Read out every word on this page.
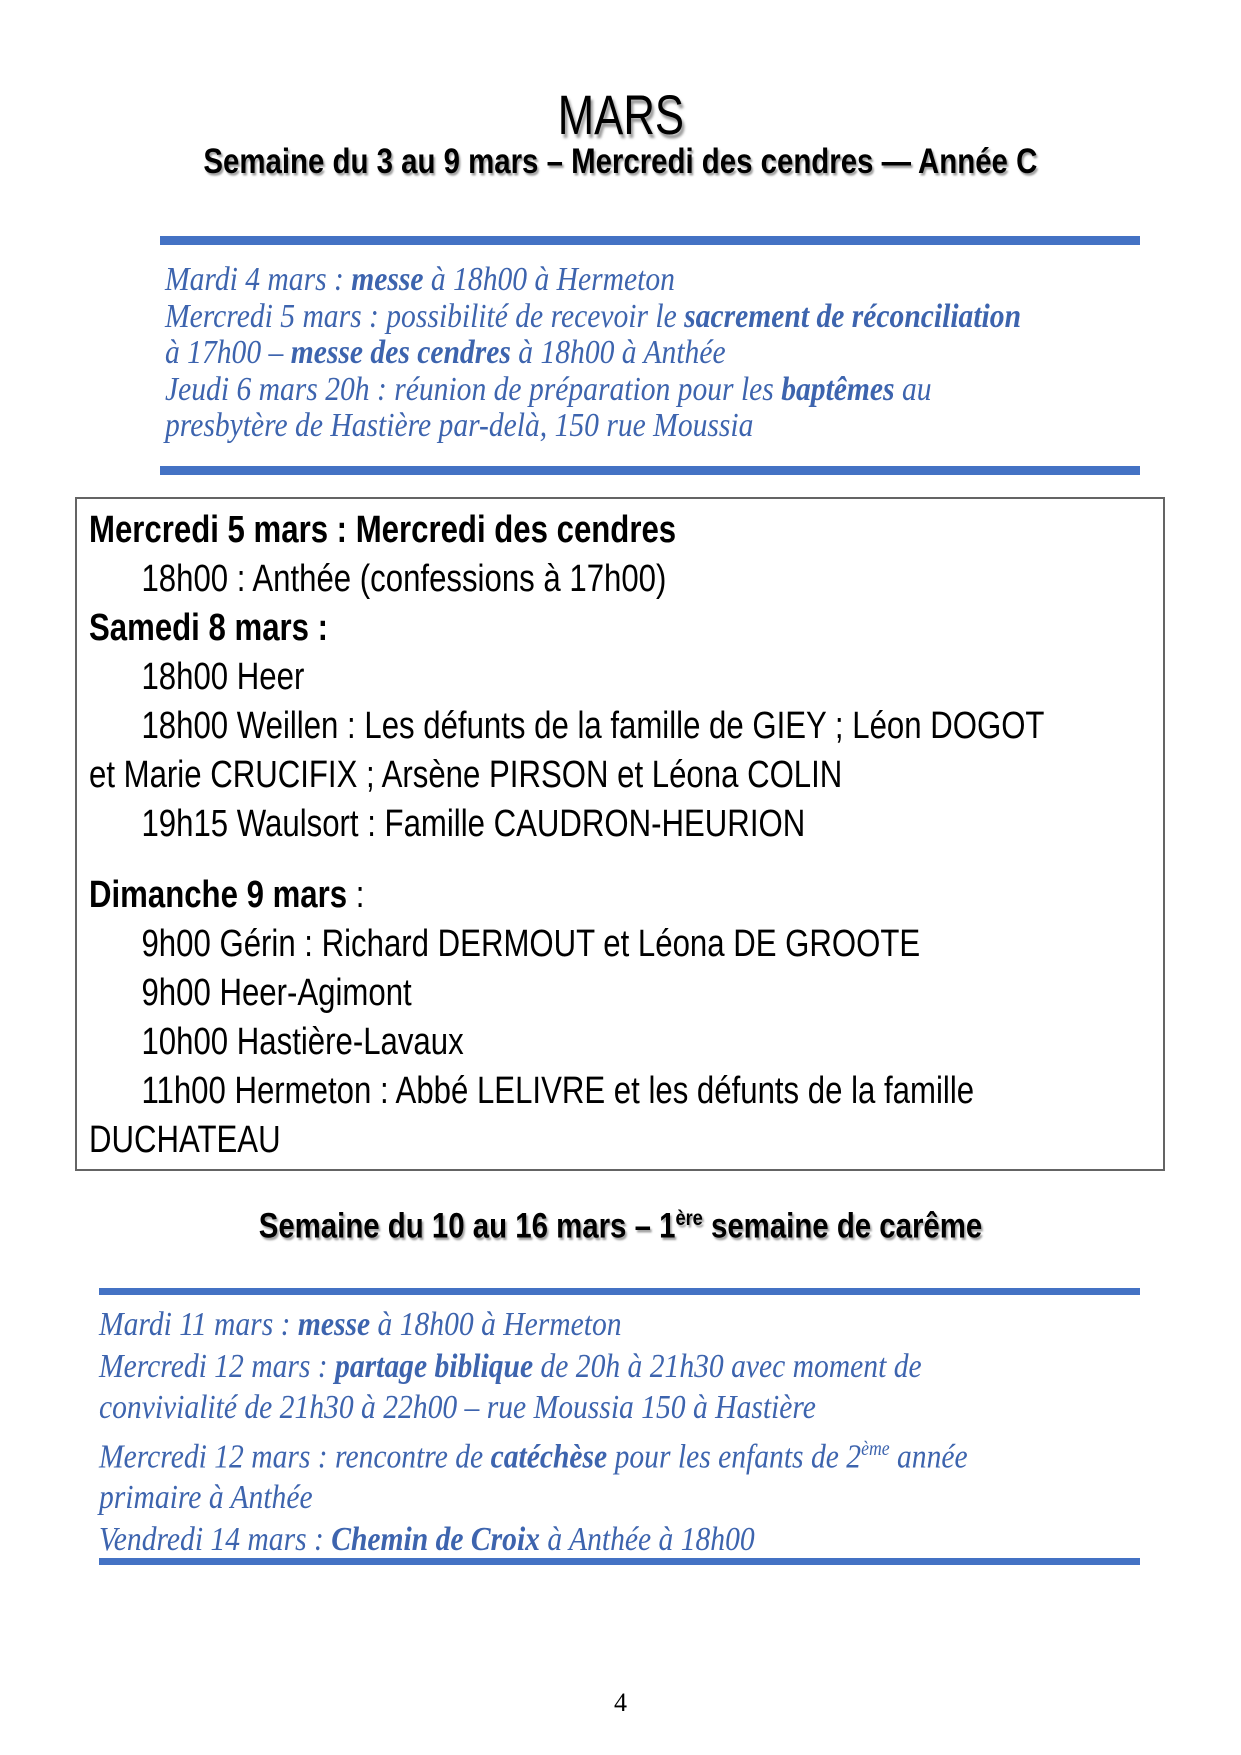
MARS
Semaine du 3 au 9 mars – Mercredi des cendres — Année C
Mardi 4 mars : messe à 18h00 à Hermeton
Mercredi 5 mars : possibilité de recevoir le sacrement de réconciliation
à 17h00 – messe des cendres à 18h00 à Anthée
Jeudi 6 mars 20h : réunion de préparation pour les baptêmes au
presbytère de Hastière par-delà, 150 rue Moussia
Mercredi 5 mars : Mercredi des cendres
18h00 : Anthée (confessions à 17h00)
Samedi 8 mars :
18h00 Heer
18h00 Weillen : Les défunts de la famille de GIEY ; Léon DOGOT
et Marie CRUCIFIX ; Arsène PIRSON et Léona COLIN
19h15 Waulsort : Famille CAUDRON-HEURION

Dimanche 9 mars :
9h00 Gérin : Richard DERMOUT et Léona DE GROOTE
9h00 Heer-Agimont
10h00 Hastière-Lavaux
11h00 Hermeton : Abbé LELIVRE et les défunts de la famille
DUCHATEAU
Semaine du 10 au 16 mars – 1ère semaine de carême
Mardi 11 mars : messe à 18h00 à Hermeton
Mercredi 12 mars : partage biblique de 20h à 21h30 avec moment de
convivialité de 21h30 à 22h00 – rue Moussia 150 à Hastière
Mercredi 12 mars : rencontre de catéchèse pour les enfants de 2ème année
primaire à Anthée
Vendredi 14 mars : Chemin de Croix à Anthée à 18h00
4
